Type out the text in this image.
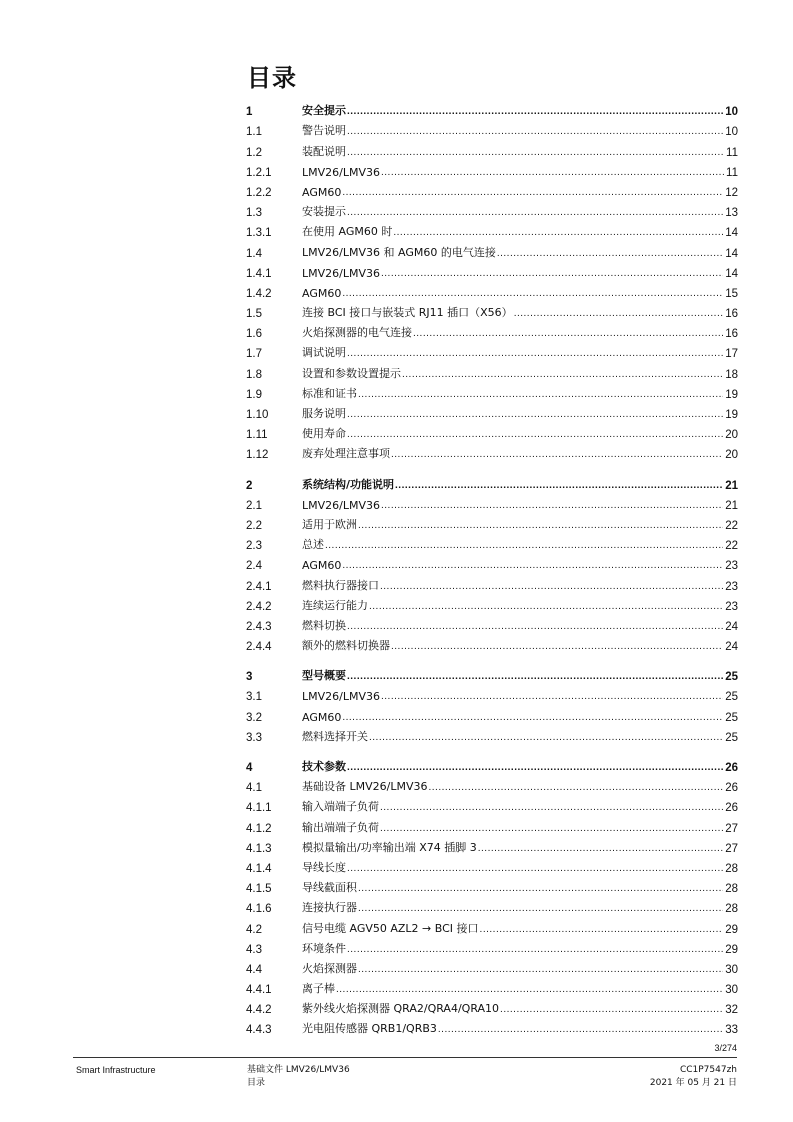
目录
1	安全提示 .....	10
1.1	警告说明 .....	10
1.2	装配说明 .....	11
1.2.1	LMV26/LMV36 .....	11
1.2.2	AGM60 .....	12
1.3	安装提示 .....	13
1.3.1	在使用 AGM60 时 .....	14
1.4	LMV26/LMV36 和 AGM60 的电气连接 .....	14
1.4.1	LMV26/LMV36 .....	14
1.4.2	AGM60 .....	15
1.5	连接 BCI 接口与嵌装式 RJ11 插口（X56） .....	16
1.6	火焰探测器的电气连接 .....	16
1.7	调试说明 .....	17
1.8	设置和参数设置提示 .....	18
1.9	标准和证书 .....	19
1.10	服务说明 .....	19
1.11	使用寿命 .....	20
1.12	废弃处理注意事项 .....	20
2	系统结构/功能说明 .....	21
2.1	LMV26/LMV36 .....	21
2.2	适用于欧洲 .....	22
2.3	总述 .....	22
2.4	AGM60 .....	23
2.4.1	燃料执行器接口 .....	23
2.4.2	连续运行能力 .....	23
2.4.3	燃料切换 .....	24
2.4.4	额外的燃料切换器 .....	24
3	型号概要 .....	25
3.1	LMV26/LMV36 .....	25
3.2	AGM60 .....	25
3.3	燃料选择开关 .....	25
4	技术参数 .....	26
4.1	基础设备 LMV26/LMV36 .....	26
4.1.1	输入端端子负荷 .....	26
4.1.2	输出端端子负荷 .....	27
4.1.3	模拟量输出/功率输出端 X74 插脚 3 .....	27
4.1.4	导线长度 .....	28
4.1.5	导线截面积 .....	28
4.1.6	连接执行器 .....	28
4.2	信号电缆 AGV50 AZL2 → BCI 接口 .....	29
4.3	环境条件 .....	29
4.4	火焰探测器 .....	30
4.4.1	离子棒 .....	30
4.4.2	紫外线火焰探测器 QRA2/QRA4/QRA10 .....	32
4.4.3	光电阻传感器 QRB1/QRB3 .....	33
3/274
Smart Infrastructure	基础文件 LMV26/LMV36
目录
CC1P7547zh
2021 年 05 月 21 日
